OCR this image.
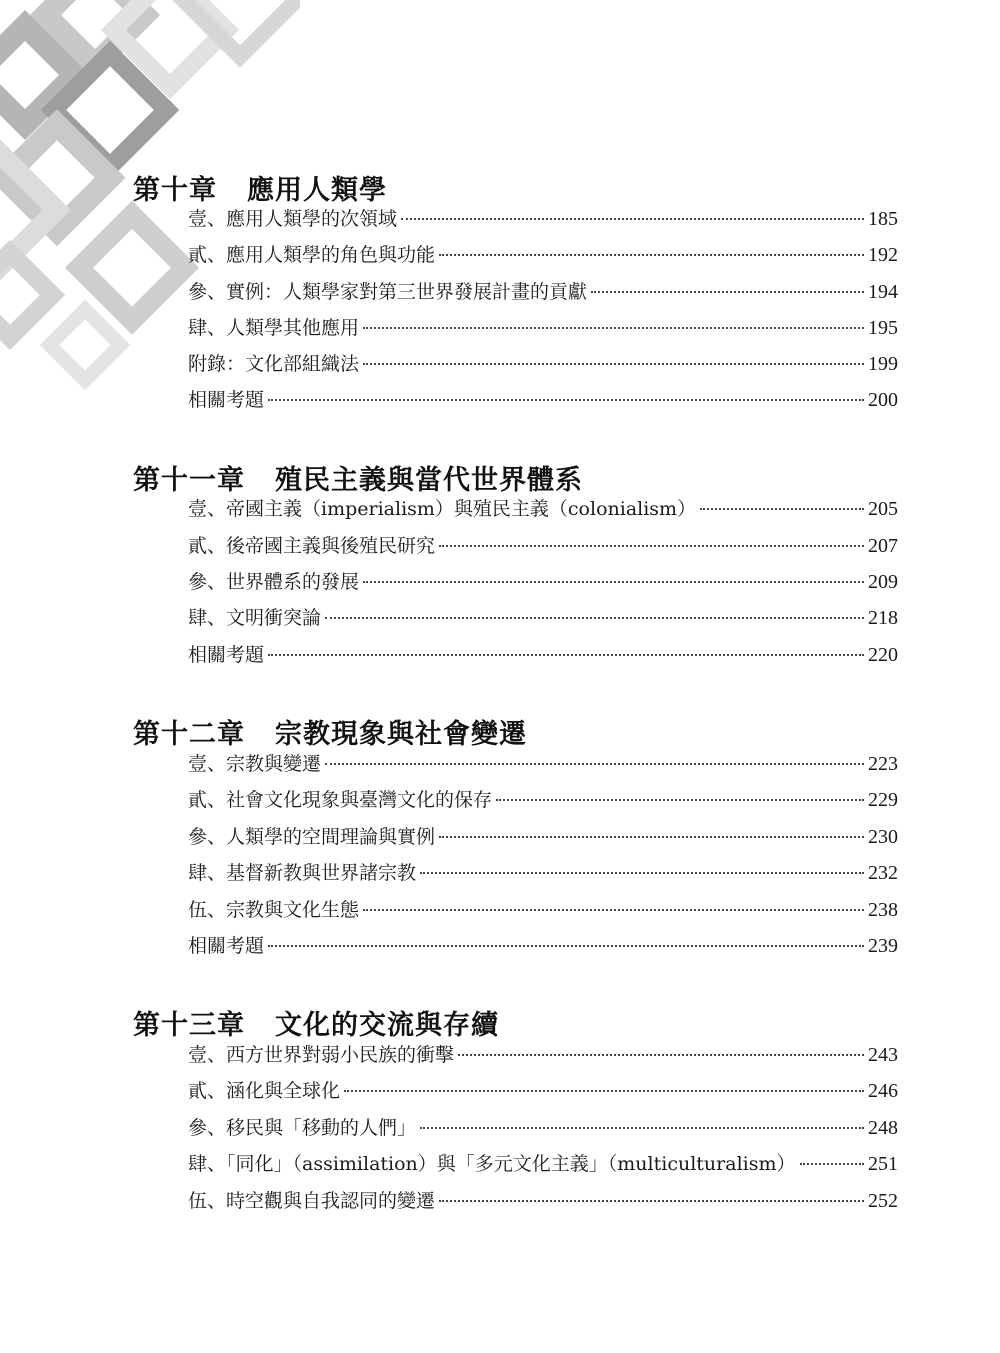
第十章 應用人類學
壹、應用人類學的次領域	185
貳、應用人類學的角色與功能	192
參、實例：人類學家對第三世界發展計畫的貢獻	194
肆、人類學其他應用	195
附錄：文化部組織法	199
相關考題	200
第十一章 殖民主義與當代世界體系
壹、帝國主義（imperialism）與殖民主義（colonialism）	205
貳、後帝國主義與後殖民研究	207
參、世界體系的發展	209
肆、文明衝突論	218
相關考題	220
第十二章 宗教現象與社會變遷
壹、宗教與變遷	223
貳、社會文化現象與臺灣文化的保存	229
參、人類學的空間理論與實例	230
肆、基督新教與世界諸宗教	232
伍、宗教與文化生態	238
相關考題	239
第十三章 文化的交流與存續
壹、西方世界對弱小民族的衝擊	243
貳、涵化與全球化	246
參、移民與「移動的人們」	248
肆、「同化」（assimilation）與「多元文化主義」（multiculturalism）	251
伍、時空觀與自我認同的變遷	252
